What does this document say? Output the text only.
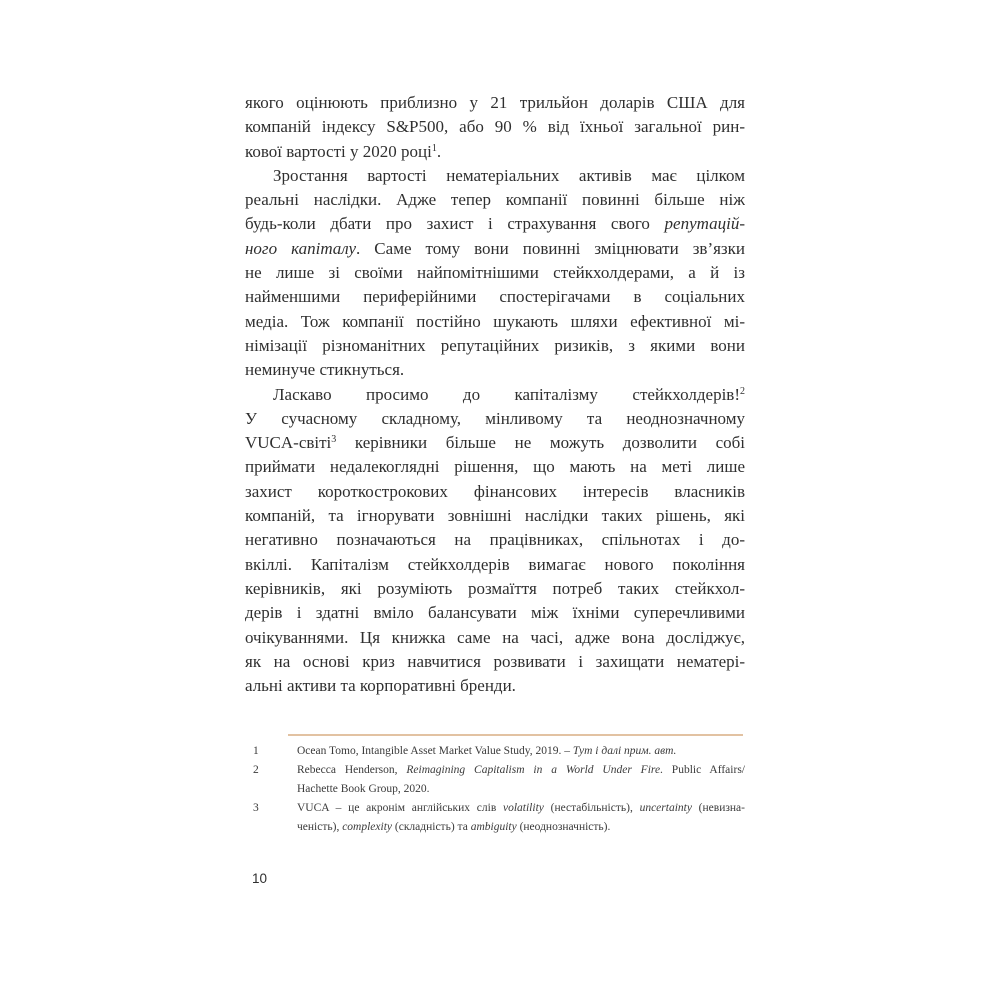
якого оцінюють приблизно у 21 трильйон доларів США для
компаній індексу S&P500, або 90 % від їхньої загальної рин-
кової вартості у 2020 році$^1$.
Зростання вартості нематеріальних активів має цілком
реальні наслідки. Адже тепер компанії повинні більше ніж
будь-коли дбати про захист і страхування свого репутацій-
ного капіталу. Саме тому вони повинні зміцнювати зв’язки
не лише зі своїми найпомітнішими стейкхолдерами, а й із
найменшими периферійними спостерігачами в соціальних
медіа. Тож компанії постійно шукають шляхи ефективної мі-
німізації різноманітних репутаційних ризиків, з якими вони
неминуче стикнуться.
Ласкаво просимо до капіталізму стейкхолдерів!$^2$
У сучасному складному, мінливому та неоднозначному
VUCA-світі$^3$ керівники більше не можуть дозволити собі
приймати недалекоглядні рішення, що мають на меті лише
захист короткострокових фінансових інтересів власників
компаній, та ігнорувати зовнішні наслідки таких рішень, які
негативно позначаються на працівниках, спільнотах і до-
вкіллі. Капіталізм стейкхолдерів вимагає нового покоління
керівників, які розуміють розмаїття потреб таких стейкхол-
дерів і здатні вміло балансувати між їхніми суперечливими
очікуваннями. Ця книжка саме на часі, адже вона досліджує,
як на основі криз навчитися розвивати і захищати нематері-
альні активи та корпоративні бренди.
1	Ocean Tomo, Intangible Asset Market Value Study, 2019. – Тут і далі прим. авт.
2	Rebecca Henderson, Reimagining Capitalism in a World Under Fire. Public Affairs/
Hachette Book Group, 2020.
3	VUCA – це акронім англійських слів volatility (нестабільність), uncertainty (невизна-
ченість), complexity (складність) та ambiguity (неоднозначність).
10
